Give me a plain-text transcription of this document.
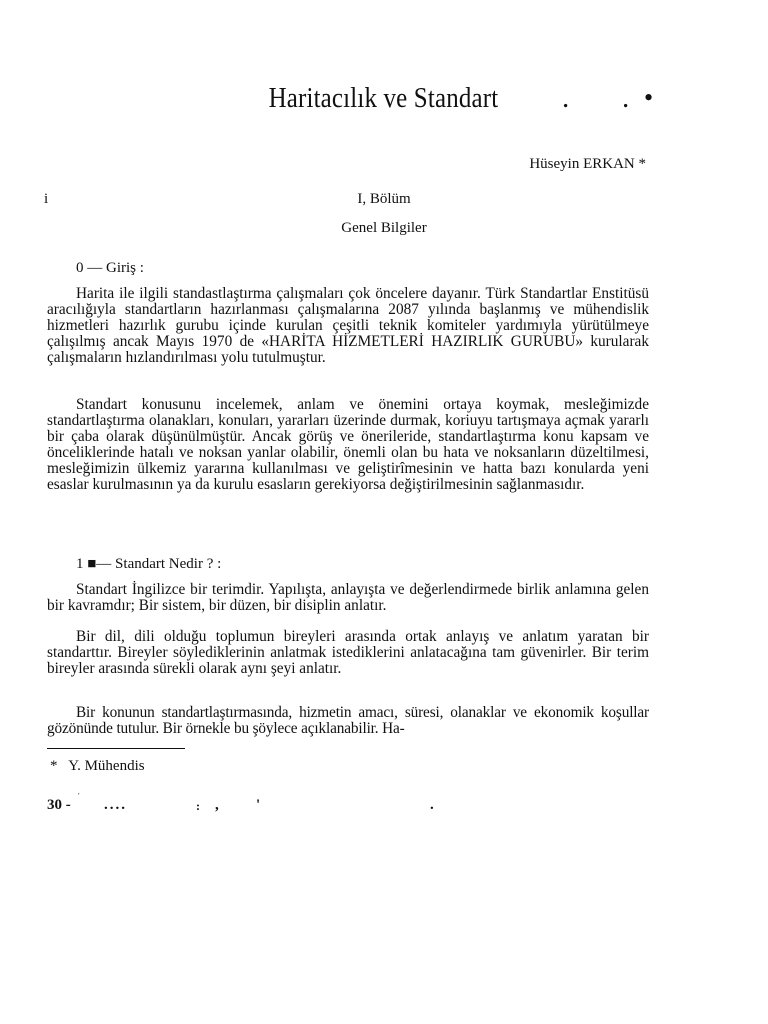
Haritacılık ve Standart	. . •
Hüseyin ERKAN *
i	I, Bölüm
Genel Bilgiler
0 — Giriş :

Harita ile ilgili standastlaştırma çalışmaları çok öncelere dayanır. Türk Standartlar Enstitüsü aracılığıyla standartların hazırlanması çalışmalarına 2087 yılında başlanmış ve mühendislik hizmetleri hazırlık gurubu içinde kurulan çeşitli teknik komiteler yardımıyla yürütülmeye çalışılmış ancak Mayıs 1970 de «HARİTA HİZMETLERİ HAZIRLIK GURUBU» kurularak çalışmaların hızlandırılması yolu tutulmuştur.

Standart konusunu incelemek, anlam ve önemini ortaya koymak, mesleğimizde standartlaştırma olanakları, konuları, yararları üzerinde durmak, koriuyu tartışmaya açmak yararlı bir çaba olarak düşünülmüştür. Ancak görüş ve önerileride, standartlaştırma konu kapsam ve önceliklerinde hatalı ve noksan yanlar olabilir, önemli olan bu hata ve noksanların düzeltilmesi, mesleğimizin ülkemiz yararına kullanılması ve geliştirîmesinin ve hatta bazı konularda yeni esaslar kurulmasının ya da kurulu esasların gerekiyorsa değiştirilmesinin sağlanmasıdır.

1 ■— Standart Nedir ? :

Standart İngilizce bir terimdir. Yapılışta, anlayışta ve değerlendirmede birlik anlamına gelen bir kavramdır; Bir sistem, bir düzen, bir disiplin anlatır.

Bir dil, dili olduğu toplumun bireyleri arasında ortak anlayış ve anlatım yaratan bir standarttır. Bireyler söylediklerinin anlatmak istediklerini anlatacağına tam güvenirler. Bir terim bireyler arasında sürekli olarak aynı şeyi anlatır.

Bir konunun standartlaştırmasında, hizmetin amacı, süresi, olanaklar ve ekonomik koşullar gözönünde tutulur. Bir örnekle bu şöylece açıklanabilir. Ha-

*   Y. Mühendis
30 - ˈ ....	: , '	.
